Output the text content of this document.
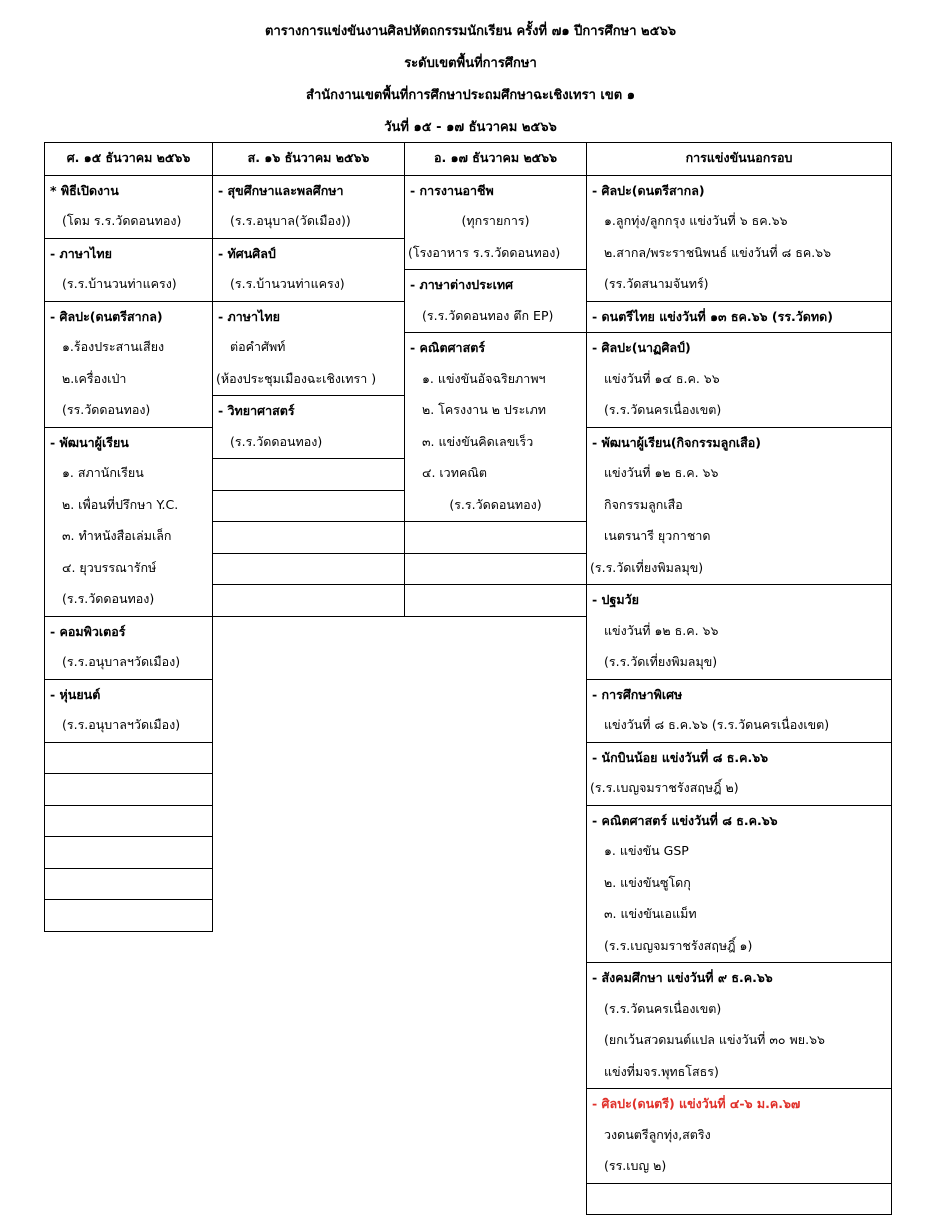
ตารางการแข่งขันงานศิลปหัตถกรรมนักเรียน ครั้งที่ ๗๑ ปีการศึกษา ๒๕๖๖
ระดับเขตพื้นที่การศึกษา
สำนักงานเขตพื้นที่การศึกษาประถมศึกษาฉะเชิงเทรา เขต ๑
วันที่ ๑๕ - ๑๗ ธันวาคม ๒๕๖๖
ศ. ๑๕ ธันวาคม ๒๕๖๖
* พิธีเปิดงาน
(โดม ร.ร.วัดดอนทอง)
- ภาษาไทย
(ร.ร.บ้านวนท่าแครง)
- ศิลปะ(ดนตรีสากล)
๑.ร้องประสานเสียง
๒.เครื่องเป่า
(รร.วัดดอนทอง)
- พัฒนาผู้เรียน
๑. สภานักเรียน
๒. เพื่อนที่ปรึกษา Y.C.
๓. ทำหนังสือเล่มเล็ก
๔. ยุวบรรณารักษ์
(ร.ร.วัดดอนทอง)
- คอมพิวเตอร์
(ร.ร.อนุบาลฯวัดเมือง)
- หุ่นยนต์
(ร.ร.อนุบาลฯวัดเมือง)
ส. ๑๖ ธันวาคม ๒๕๖๖
- สุขศึกษาและพลศึกษา
(ร.ร.อนุบาล(วัดเมือง))
- ทัศนศิลป์
(ร.ร.บ้านวนท่าแครง)
- ภาษาไทย
ต่อคำศัพท์
(ห้องประชุมเมืองฉะเชิงเทรา )
- วิทยาศาสตร์
(ร.ร.วัดดอนทอง)
อ. ๑๗ ธันวาคม ๒๕๖๖
- การงานอาชีพ
(ทุกรายการ)
(โรงอาหาร ร.ร.วัดดอนทอง)
- ภาษาต่างประเทศ
(ร.ร.วัดดอนทอง ตึก EP)
- คณิตศาสตร์
๑. แข่งขันอัจฉริยภาพฯ
๒. โครงงาน ๒ ประเภท
๓. แข่งขันคิดเลขเร็ว
๔. เวทคณิต
(ร.ร.วัดดอนทอง)
การแข่งขันนอกรอบ
- ศิลปะ(ดนตรีสากล)
๑.ลูกทุ่ง/ลูกกรุง แข่งวันที่ ๖ ธค.๖๖
๒.สากล/พระราชนิพนธ์ แข่งวันที่ ๘ ธค.๖๖
(รร.วัดสนามจันทร์)
- ดนตรีไทย แข่งวันที่ ๑๓ ธค.๖๖ (รร.วัดทด)
- ศิลปะ(นาฏศิลป์)
แข่งวันที่ ๑๔ ธ.ค. ๖๖
(ร.ร.วัดนครเนื่องเขต)
- พัฒนาผู้เรียน(กิจกรรมลูกเสือ)
แข่งวันที่ ๑๒ ธ.ค. ๖๖
กิจกรรมลูกเสือ
เนตรนารี ยุวกาชาด
(ร.ร.วัดเที่ยงพิมลมุข)
- ปฐมวัย
แข่งวันที่ ๑๒ ธ.ค. ๖๖
(ร.ร.วัดเที่ยงพิมลมุข)
- การศึกษาพิเศษ
แข่งวันที่ ๘ ธ.ค.๖๖ (ร.ร.วัดนครเนื่องเขต)
- นักบินน้อย แข่งวันที่ ๘ ธ.ค.๖๖
(ร.ร.เบญจมราชรังสฤษฎิ์ ๒)
- คณิตศาสตร์ แข่งวันที่ ๘ ธ.ค.๖๖
๑. แข่งขัน GSP
๒. แข่งขันซูโดกุ
๓. แข่งขันเอแม็ท
(ร.ร.เบญจมราชรังสฤษฎิ์ ๑)
- สังคมศึกษา แข่งวันที่ ๙ ธ.ค.๖๖
(ร.ร.วัดนครเนื่องเขต)
(ยกเว้นสวดมนต์แปล แข่งวันที่ ๓๐ พย.๖๖
แข่งที่มจร.พุทธโสธร)
- ศิลปะ(ดนตรี) แข่งวันที่ ๔-๖ ม.ค.๖๗
วงดนตรีลูกทุ่ง,สตริง
(รร.เบญ ๒)
